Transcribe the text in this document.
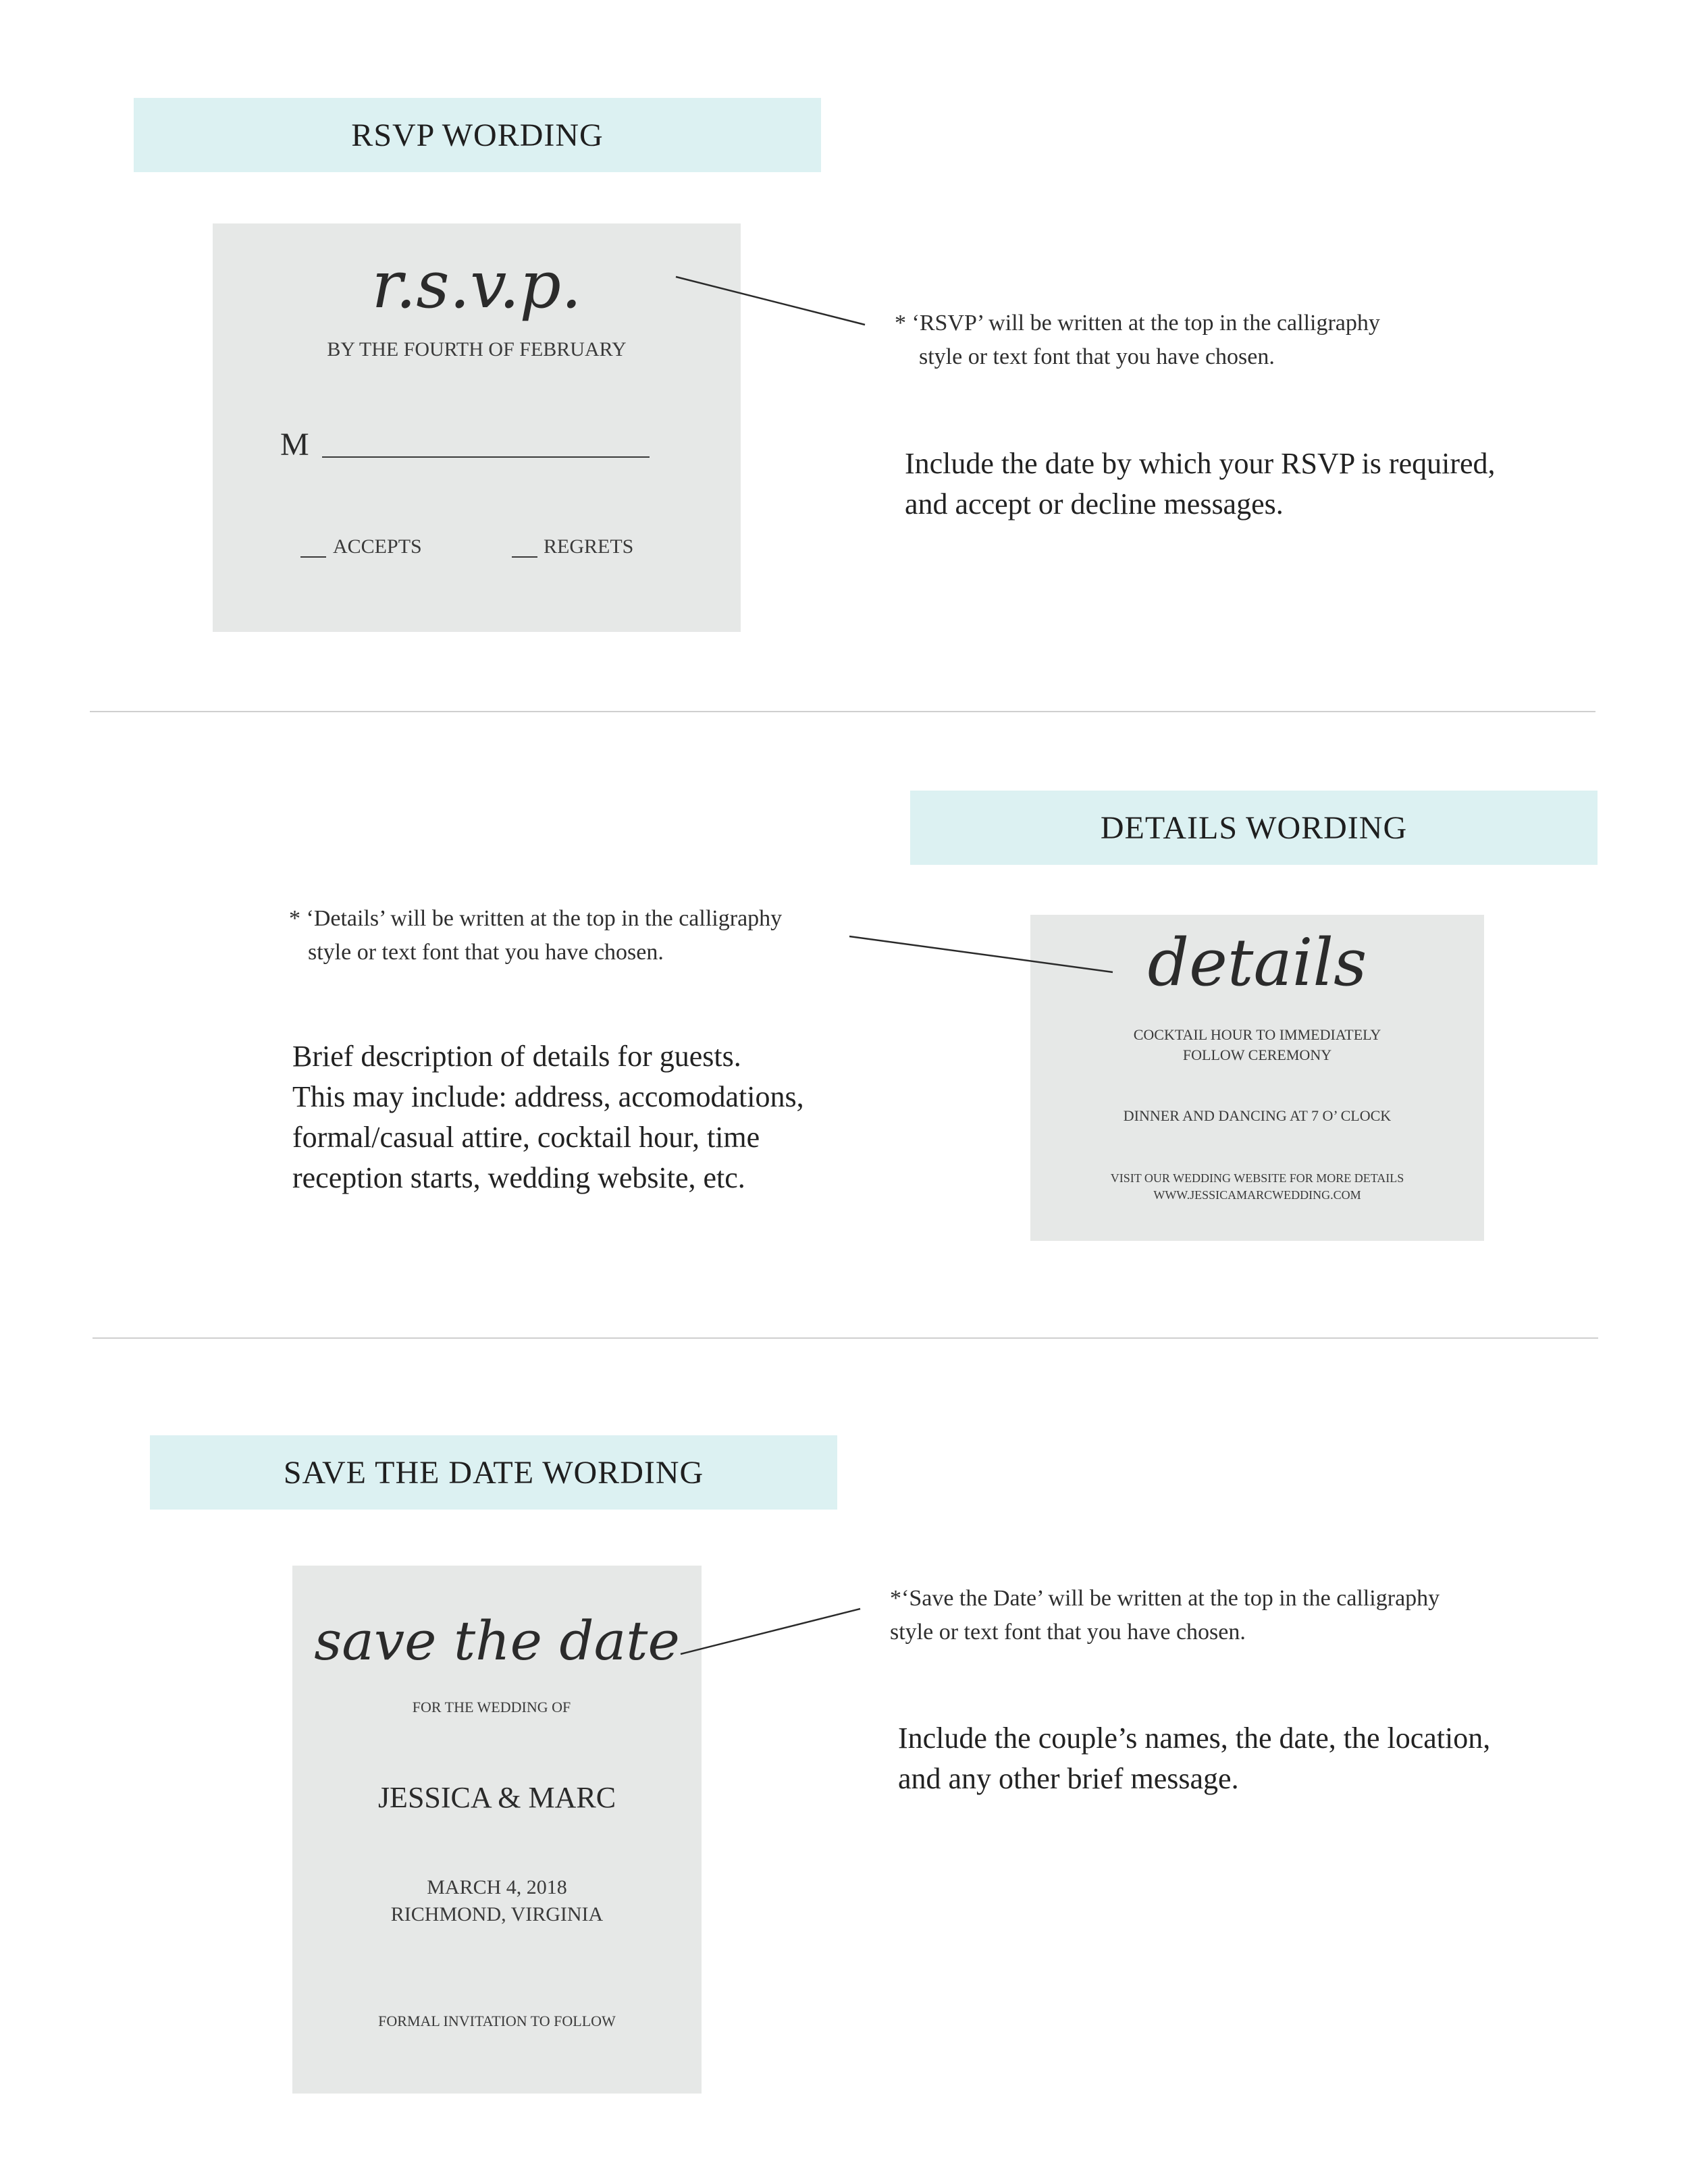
RSVP WORDING
r.s.v.p.
BY THE FOURTH OF FEBRUARY
M
ACCEPTS	REGRETS
* ‘RSVP’ will be written at the top in the calligraphy
style or text font that you have chosen.
Include the date by which your RSVP is required,
and accept or decline messages.
DETAILS WORDING
* ‘Details’ will be written at the top in the calligraphy
style or text font that you have chosen.
Brief description of details for guests.
This may include: address, accomodations,
formal/casual attire, cocktail hour, time
reception starts, wedding website, etc.
details
COCKTAIL HOUR TO IMMEDIATELY
FOLLOW CEREMONY
DINNER AND DANCING AT 7 O’ CLOCK
VISIT OUR WEDDING WEBSITE FOR MORE DETAILS
WWW.JESSICAMARCWEDDING.COM
SAVE THE DATE WORDING
save the date
FOR THE WEDDING OF
JESSICA & MARC
MARCH 4, 2018
RICHMOND, VIRGINIA
FORMAL INVITATION TO FOLLOW
*‘Save the Date’ will be written at the top in the calligraphy
style or text font that you have chosen.
Include the couple’s names, the date, the location,
and any other brief message.
